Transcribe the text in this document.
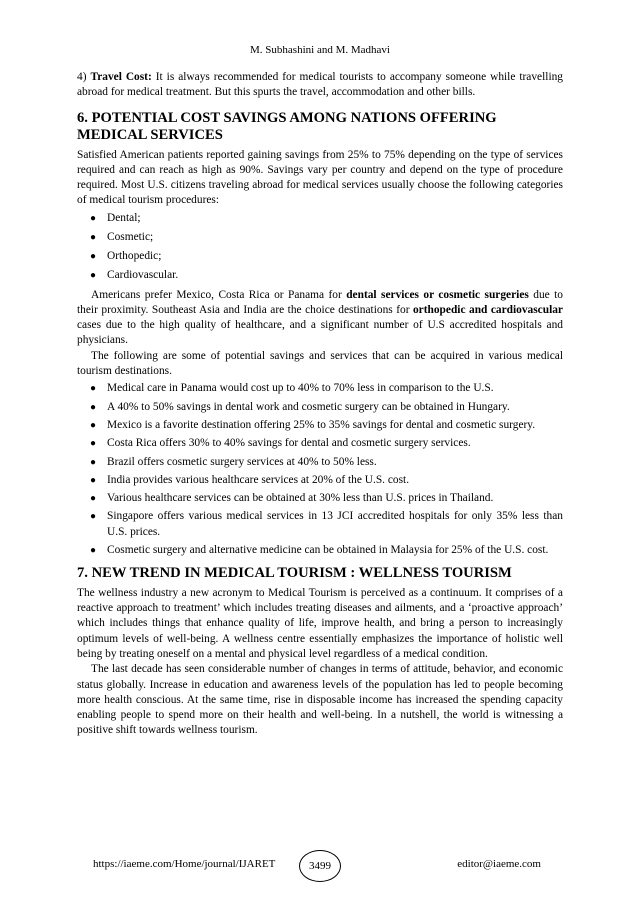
M. Subhashini and M. Madhavi

4) Travel Cost: It is always recommended for medical tourists to accompany someone while travelling abroad for medical treatment. But this spurts the travel, accommodation and other bills.

6. POTENTIAL COST SAVINGS AMONG NATIONS OFFERING MEDICAL SERVICES

Satisfied American patients reported gaining savings from 25% to 75% depending on the type of services required and can reach as high as 90%. Savings vary per country and depend on the type of procedure required. Most U.S. citizens traveling abroad for medical services usually choose the following categories of medical tourism procedures:

● Dental;
● Cosmetic;
● Orthopedic;
● Cardiovascular.

Americans prefer Mexico, Costa Rica or Panama for dental services or cosmetic surgeries due to their proximity. Southeast Asia and India are the choice destinations for orthopedic and cardiovascular cases due to the high quality of healthcare, and a significant number of U.S accredited hospitals and physicians.

The following are some of potential savings and services that can be acquired in various medical tourism destinations.

● Medical care in Panama would cost up to 40% to 70% less in comparison to the U.S.
● A 40% to 50% savings in dental work and cosmetic surgery can be obtained in Hungary.
● Mexico is a favorite destination offering 25% to 35% savings for dental and cosmetic surgery.
● Costa Rica offers 30% to 40% savings for dental and cosmetic surgery services.
● Brazil offers cosmetic surgery services at 40% to 50% less.
● India provides various healthcare services at 20% of the U.S. cost.
● Various healthcare services can be obtained at 30% less than U.S. prices in Thailand.
● Singapore offers various medical services in 13 JCI accredited hospitals for only 35% less than U.S. prices.
● Cosmetic surgery and alternative medicine can be obtained in Malaysia for 25% of the U.S. cost.
7. NEW TREND IN MEDICAL TOURISM : WELLNESS TOURISM

The wellness industry a new acronym to Medical Tourism is perceived as a continuum. It comprises of a reactive approach to treatment’ which includes treating diseases and ailments, and a ‘proactive approach’ which includes things that enhance quality of life, improve health, and bring a person to increasingly optimum levels of well-being. A wellness centre essentially emphasizes the importance of holistic well being by treating oneself on a mental and physical level regardless of a medical condition.

The last decade has seen considerable number of changes in terms of attitude, behavior, and economic status globally. Increase in education and awareness levels of the population has led to people becoming more health conscious. At the same time, rise in disposable income has increased the spending capacity enabling people to spend more on their health and well-being. In a nutshell, the world is witnessing a positive shift towards wellness tourism.

https://iaeme.com/Home/journal/IJARET	3499	editor@iaeme.com
